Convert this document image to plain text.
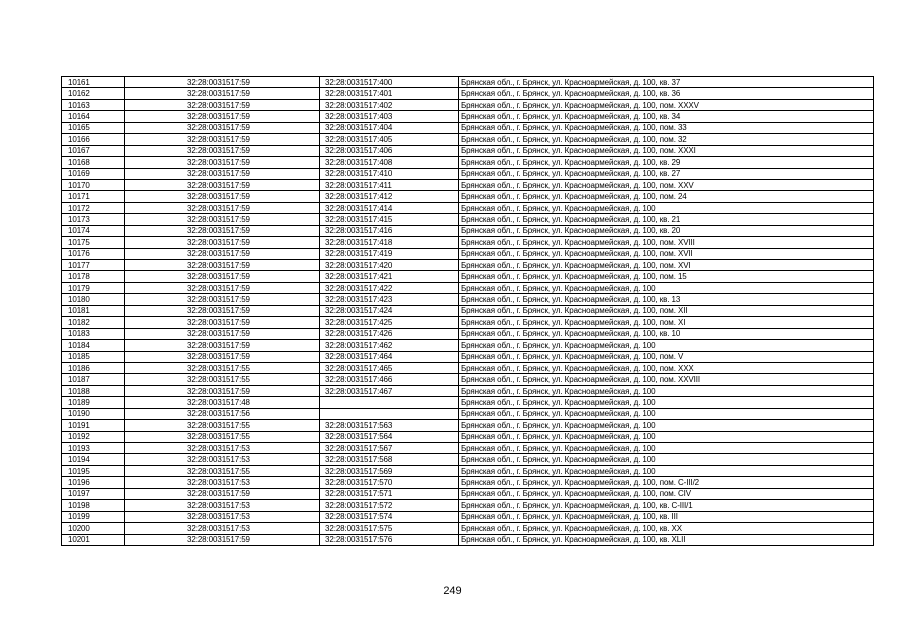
10161	32:28:0031517:59	32:28:0031517:400	Брянская обл., г. Брянск, ул. Красноармейская, д. 100, кв. 37
10162	32:28:0031517:59	32:28:0031517:401	Брянская обл., г. Брянск, ул. Красноармейская, д. 100, кв. 36
10163	32:28:0031517:59	32:28:0031517:402	Брянская обл., г. Брянск, ул. Красноармейская, д. 100, пом. XXXV
10164	32:28:0031517:59	32:28:0031517:403	Брянская обл., г. Брянск, ул. Красноармейская, д. 100, кв. 34
10165	32:28:0031517:59	32:28:0031517:404	Брянская обл., г. Брянск, ул. Красноармейская, д. 100, пом. 33
10166	32:28:0031517:59	32:28:0031517:405	Брянская обл., г. Брянск, ул. Красноармейская, д. 100, пом. 32
10167	32:28:0031517:59	32:28:0031517:406	Брянская обл., г. Брянск, ул. Красноармейская, д. 100, пом. XXXI
10168	32:28:0031517:59	32:28:0031517:408	Брянская обл., г. Брянск, ул. Красноармейская, д. 100, кв. 29
10169	32:28:0031517:59	32:28:0031517:410	Брянская обл., г. Брянск, ул. Красноармейская, д. 100, кв. 27
10170	32:28:0031517:59	32:28:0031517:411	Брянская обл., г. Брянск, ул. Красноармейская, д. 100, пом. XXV
10171	32:28:0031517:59	32:28:0031517:412	Брянская обл., г. Брянск, ул. Красноармейская, д. 100, пом. 24
10172	32:28:0031517:59	32:28:0031517:414	Брянская обл., г. Брянск, ул. Красноармейская, д. 100
10173	32:28:0031517:59	32:28:0031517:415	Брянская обл., г. Брянск, ул. Красноармейская, д. 100, кв. 21
10174	32:28:0031517:59	32:28:0031517:416	Брянская обл., г. Брянск, ул. Красноармейская, д. 100, кв. 20
10175	32:28:0031517:59	32:28:0031517:418	Брянская обл., г. Брянск, ул. Красноармейская, д. 100, пом. XVIII
10176	32:28:0031517:59	32:28:0031517:419	Брянская обл., г. Брянск, ул. Красноармейская, д. 100, пом. XVII
10177	32:28:0031517:59	32:28:0031517:420	Брянская обл., г. Брянск, ул. Красноармейская, д. 100, пом. XVI
10178	32:28:0031517:59	32:28:0031517:421	Брянская обл., г. Брянск, ул. Красноармейская, д. 100, пом. 15
10179	32:28:0031517:59	32:28:0031517:422	Брянская обл., г. Брянск, ул. Красноармейская, д. 100
10180	32:28:0031517:59	32:28:0031517:423	Брянская обл., г. Брянск, ул. Красноармейская, д. 100, кв. 13
10181	32:28:0031517:59	32:28:0031517:424	Брянская обл., г. Брянск, ул. Красноармейская, д. 100, пом. XII
10182	32:28:0031517:59	32:28:0031517:425	Брянская обл., г. Брянск, ул. Красноармейская, д. 100, пом. XI
10183	32:28:0031517:59	32:28:0031517:426	Брянская обл., г. Брянск, ул. Красноармейская, д. 100, кв. 10
10184	32:28:0031517:59	32:28:0031517:462	Брянская обл., г. Брянск, ул. Красноармейская, д. 100
10185	32:28:0031517:59	32:28:0031517:464	Брянская обл., г. Брянск, ул. Красноармейская, д. 100, пом. V
10186	32:28:0031517:55	32:28:0031517:465	Брянская обл., г. Брянск, ул. Красноармейская, д. 100, пом. XXX
10187	32:28:0031517:55	32:28:0031517:466	Брянская обл., г. Брянск, ул. Красноармейская, д. 100, пом. XXVIII
10188	32:28:0031517:59	32:28:0031517:467	Брянская обл., г. Брянск, ул. Красноармейская, д. 100
10189	32:28:0031517:48		Брянская обл., г. Брянск, ул. Красноармейская, д. 100
10190	32:28:0031517:56		Брянская обл., г. Брянск, ул. Красноармейская, д. 100
10191	32:28:0031517:55	32:28:0031517:563	Брянская обл., г. Брянск, ул. Красноармейская, д. 100
10192	32:28:0031517:55	32:28:0031517:564	Брянская обл., г. Брянск, ул. Красноармейская, д. 100
10193	32:28:0031517:53	32:28:0031517:567	Брянская обл., г. Брянск, ул. Красноармейская, д. 100
10194	32:28:0031517:53	32:28:0031517:568	Брянская обл., г. Брянск, ул. Красноармейская, д. 100
10195	32:28:0031517:55	32:28:0031517:569	Брянская обл., г. Брянск, ул. Красноармейская, д. 100
10196	32:28:0031517:53	32:28:0031517:570	Брянская обл., г. Брянск, ул. Красноармейская, д. 100, пом. C-III/2
10197	32:28:0031517:59	32:28:0031517:571	Брянская обл., г. Брянск, ул. Красноармейская, д. 100, пом. CIV
10198	32:28:0031517:53	32:28:0031517:572	Брянская обл., г. Брянск, ул. Красноармейская, д. 100, кв. C-III/1
10199	32:28:0031517:53	32:28:0031517:574	Брянская обл., г. Брянск, ул. Красноармейская, д. 100, кв. III
10200	32:28:0031517:53	32:28:0031517:575	Брянская обл., г. Брянск, ул. Красноармейская, д. 100, кв. XX
10201	32:28:0031517:59	32:28:0031517:576	Брянская обл., г. Брянск, ул. Красноармейская, д. 100, кв. XLII
249
